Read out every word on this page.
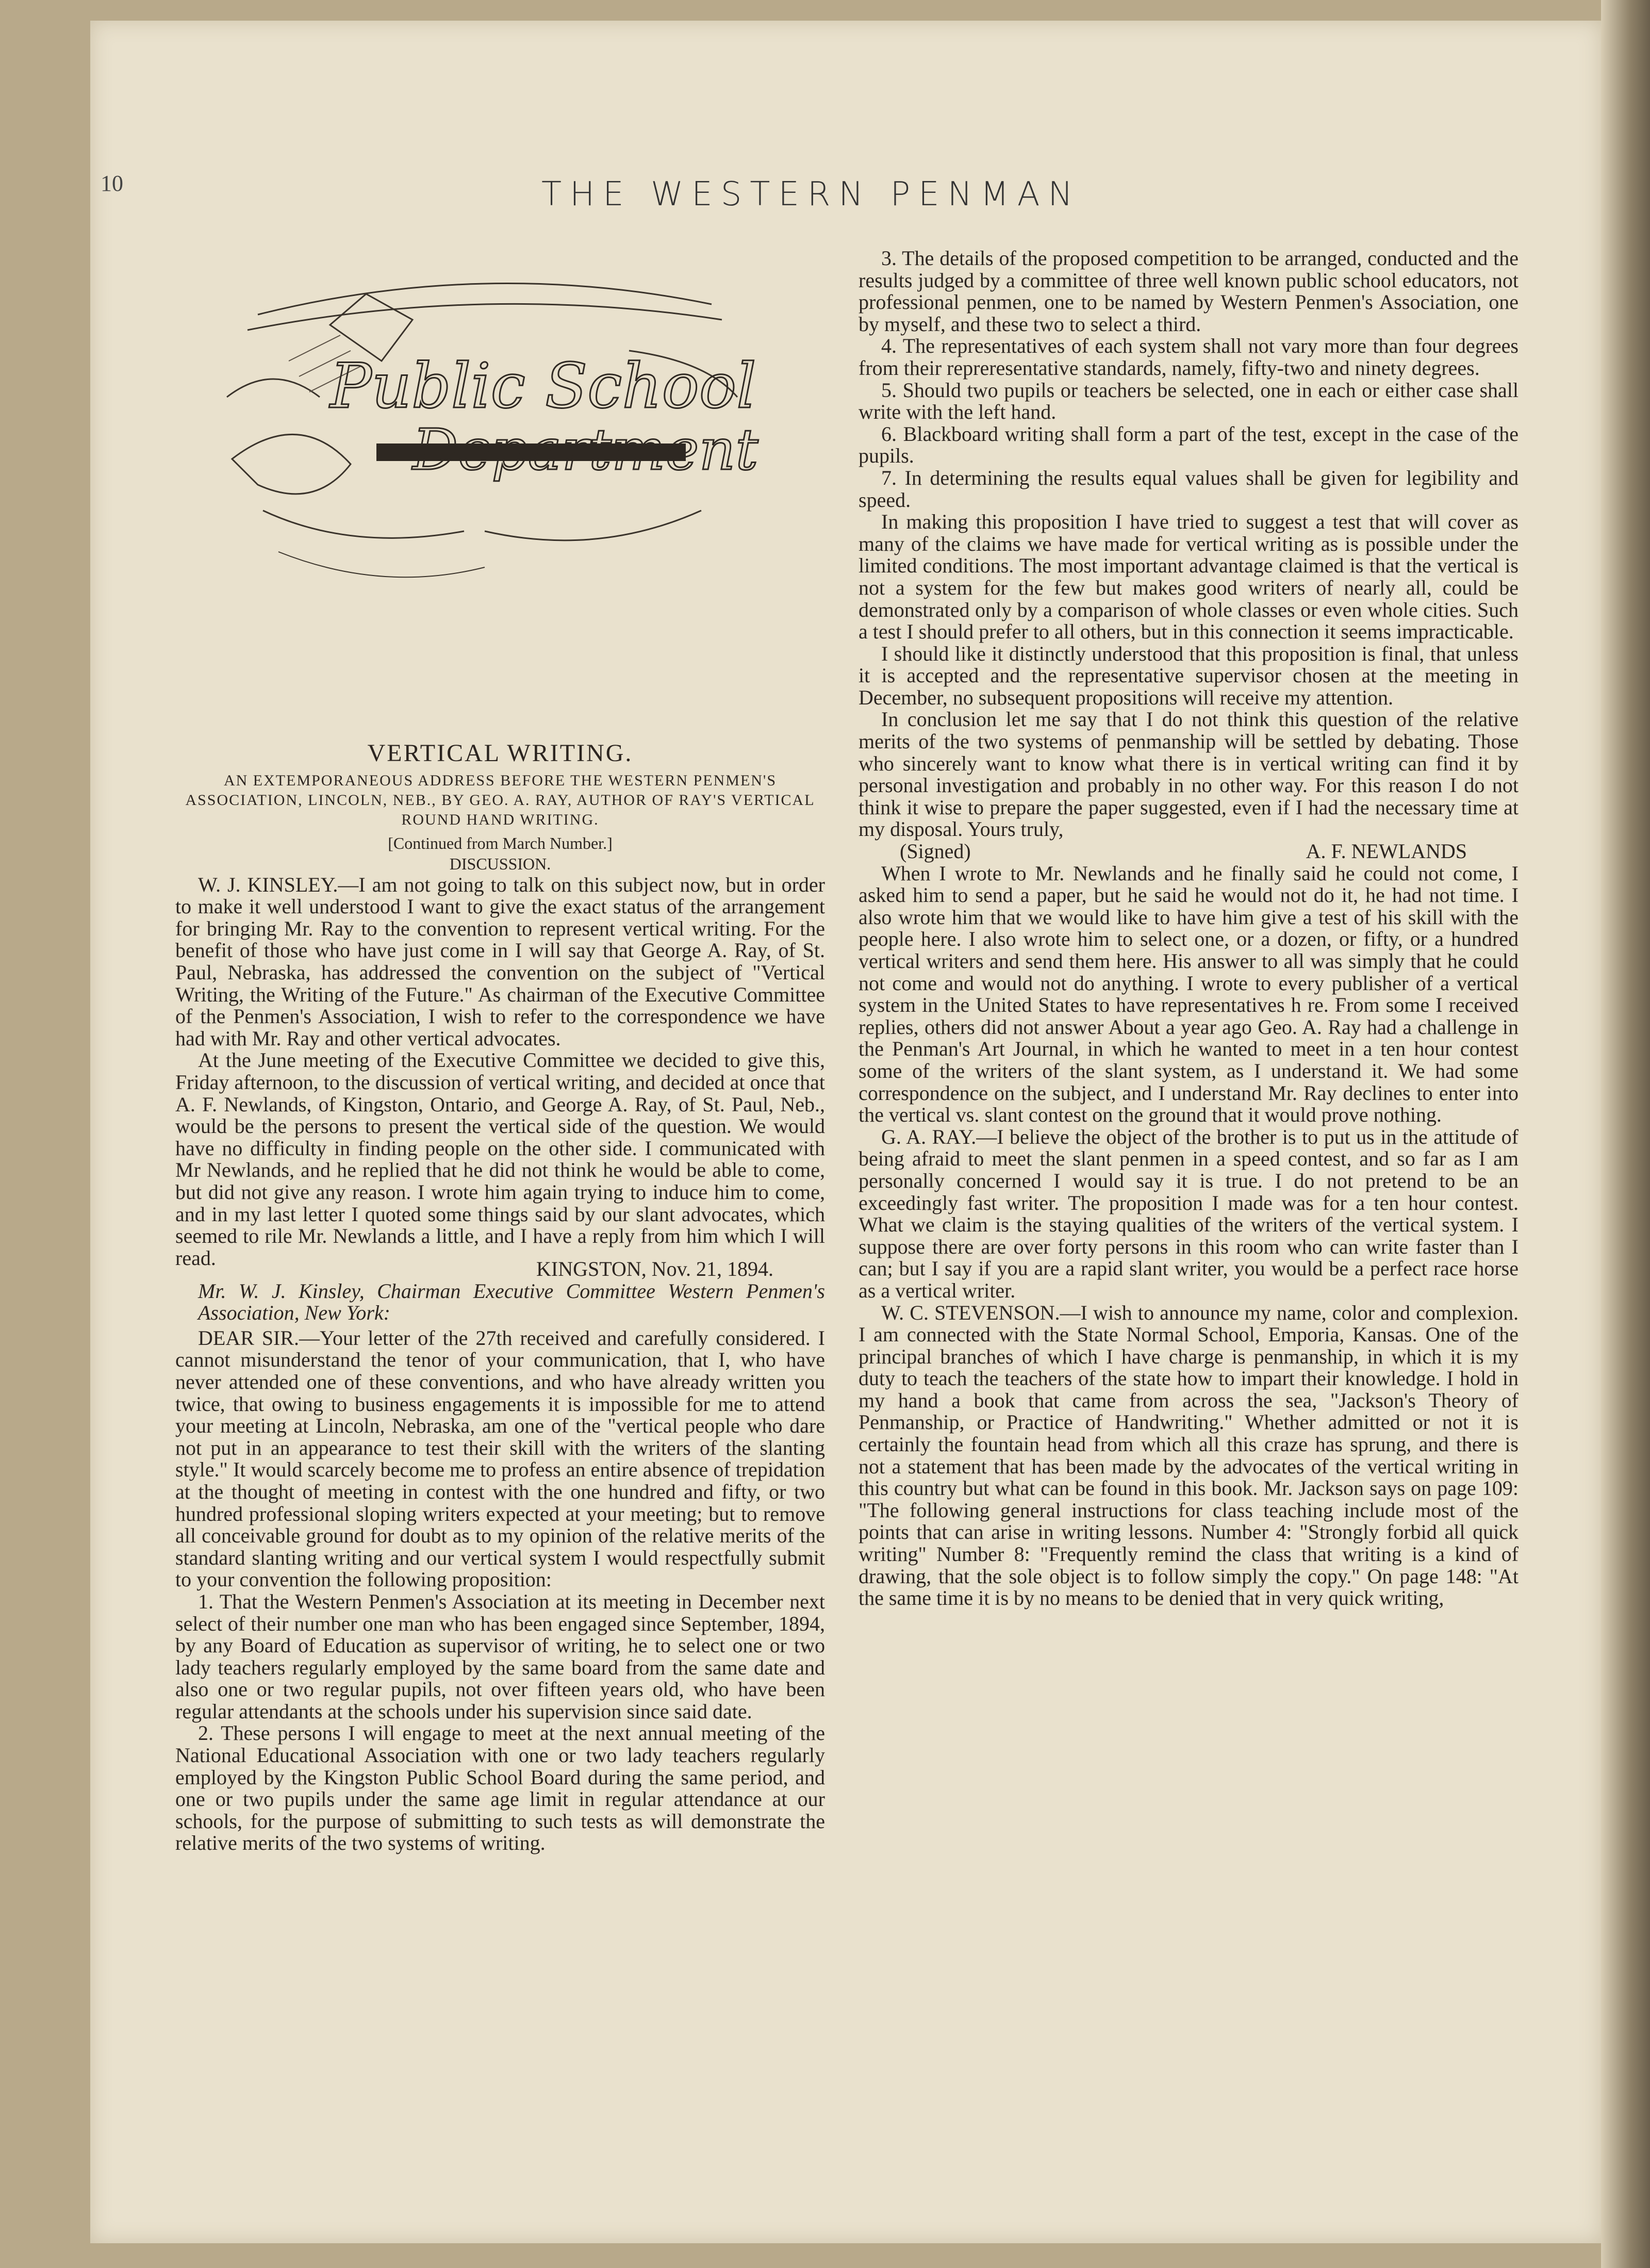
10	THE WESTERN PENMAN
Public School
Department
VERTICAL WRITING.
AN EXTEMPORANEOUS ADDRESS BEFORE THE WESTERN PENMEN'S ASSOCIATION, LINCOLN, NEB., BY GEO. A. RAY, AUTHOR OF RAY'S VERTICAL ROUND HAND WRITING.
[Continued from March Number.]
DISCUSSION.

W. J. KINSLEY.—I am not going to talk on this subject now, but in order to make it well understood I want to give the exact status of the arrangement for bringing Mr. Ray to the convention to represent vertical writing. For the benefit of those who have just come in I will say that George A. Ray, of St. Paul, Nebraska, has addressed the convention on the subject of "Vertical Writing, the Writing of the Future." As chairman of the Executive Committee of the Penmen's Association, I wish to refer to the correspondence we have had with Mr. Ray and other vertical advocates.

At the June meeting of the Executive Committee we decided to give this, Friday afternoon, to the discussion of vertical writing, and decided at once that A. F. Newlands, of Kingston, Ontario, and George A. Ray, of St. Paul, Neb., would be the persons to present the vertical side of the question. We would have no difficulty in finding people on the other side. I communicated with Mr Newlands, and he replied that he did not think he would be able to come, but did not give any reason. I wrote him again trying to induce him to come, and in my last letter I quoted some things said by our slant advocates, which seemed to rile Mr. Newlands a little, and I have a reply from him which I will read.	KINGSTON, Nov. 21, 1894.

Mr. W. J. Kinsley, Chairman Executive Committee Western Penmen's Association, New York:

DEAR SIR.—Your letter of the 27th received and carefully considered. I cannot misunderstand the tenor of your communication, that I, who have never attended one of these conventions, and who have already written you twice, that owing to business engagements it is impossible for me to attend your meeting at Lincoln, Nebraska, am one of the "vertical people who dare not put in an appearance to test their skill with the writers of the slanting style." It would scarcely become me to profess an entire absence of trepidation at the thought of meeting in contest with the one hundred and fifty, or two hundred professional sloping writers expected at your meeting; but to remove all conceivable ground for doubt as to my opinion of the relative merits of the standard slanting writing and our vertical system I would respectfully submit to your convention the following proposition:

1. That the Western Penmen's Association at its meeting in December next select of their number one man who has been engaged since September, 1894, by any Board of Education as supervisor of writing, he to select one or two lady teachers regularly employed by the same board from the same date and also one or two regular pupils, not over fifteen years old, who have been regular attendants at the schools under his supervision since said date.

2. These persons I will engage to meet at the next annual meeting of the National Educational Association with one or two lady teachers regularly employed by the Kingston Public School Board during the same period, and one or two pupils under the same age limit in regular attendance at our schools, for the purpose of submitting to such tests as will demonstrate the relative merits of the two systems of writing.

3. The details of the proposed competition to be arranged, conducted and the results judged by a committee of three well known public school educators, not professional penmen, one to be named by Western Penmen's Association, one by myself, and these two to select a third.

4. The representatives of each system shall not vary more than four degrees from their repreresentative standards, namely, fifty-two and ninety degrees.

5. Should two pupils or teachers be selected, one in each or either case shall write with the left hand.

6. Blackboard writing shall form a part of the test, except in the case of the pupils.

7. In determining the results equal values shall be given for legibility and speed.

In making this proposition I have tried to suggest a test that will cover as many of the claims we have made for vertical writing as is possible under the limited conditions. The most important advantage claimed is that the vertical is not a system for the few but makes good writers of nearly all, could be demonstrated only by a comparison of whole classes or even whole cities. Such a test I should prefer to all others, but in this connection it seems impracticable.

I should like it distinctly understood that this proposition is final, that unless it is accepted and the representative supervisor chosen at the meeting in December, no subsequent propositions will receive my attention.

In conclusion let me say that I do not think this question of the relative merits of the two systems of penmanship will be settled by debating. Those who sincerely want to know what there is in vertical writing can find it by personal investigation and probably in no other way. For this reason I do not think it wise to prepare the paper suggested, even if I had the necessary time at my disposal. Yours truly,

(Signed)	A. F. NEWLANDS

When I wrote to Mr. Newlands and he finally said he could not come, I asked him to send a paper, but he said he would not do it, he had not time. I also wrote him that we would like to have him give a test of his skill with the people here. I also wrote him to select one, or a dozen, or fifty, or a hundred vertical writers and send them here. His answer to all was simply that he could not come and would not do anything. I wrote to every publisher of a vertical system in the United States to have representatives h re. From some I received replies, others did not answer About a year ago Geo. A. Ray had a challenge in the Penman's Art Journal, in which he wanted to meet in a ten hour contest some of the writers of the slant system, as I understand it. We had some correspondence on the subject, and I understand Mr. Ray declines to enter into the vertical vs. slant contest on the ground that it would prove nothing.

G. A. RAY.—I believe the object of the brother is to put us in the attitude of being afraid to meet the slant penmen in a speed contest, and so far as I am personally concerned I would say it is true. I do not pretend to be an exceedingly fast writer. The proposition I made was for a ten hour contest. What we claim is the staying qualities of the writers of the vertical system. I suppose there are over forty persons in this room who can write faster than I can; but I say if you are a rapid slant writer, you would be a perfect race horse as a vertical writer.

W. C. STEVENSON.—I wish to announce my name, color and complexion. I am connected with the State Normal School, Emporia, Kansas. One of the principal branches of which I have charge is penmanship, in which it is my duty to teach the teachers of the state how to impart their knowledge. I hold in my hand a book that came from across the sea, "Jackson's Theory of Penmanship, or Practice of Handwriting." Whether admitted or not it is certainly the fountain head from which all this craze has sprung, and there is not a statement that has been made by the advocates of the vertical writing in this country but what can be found in this book. Mr. Jackson says on page 109: "The following general instructions for class teaching include most of the points that can arise in writing lessons. Number 4: "Strongly forbid all quick writing" Number 8: "Frequently remind the class that writing is a kind of drawing, that the sole object is to follow simply the copy." On page 148: "At the same time it is by no means to be denied that in very quick writing,
